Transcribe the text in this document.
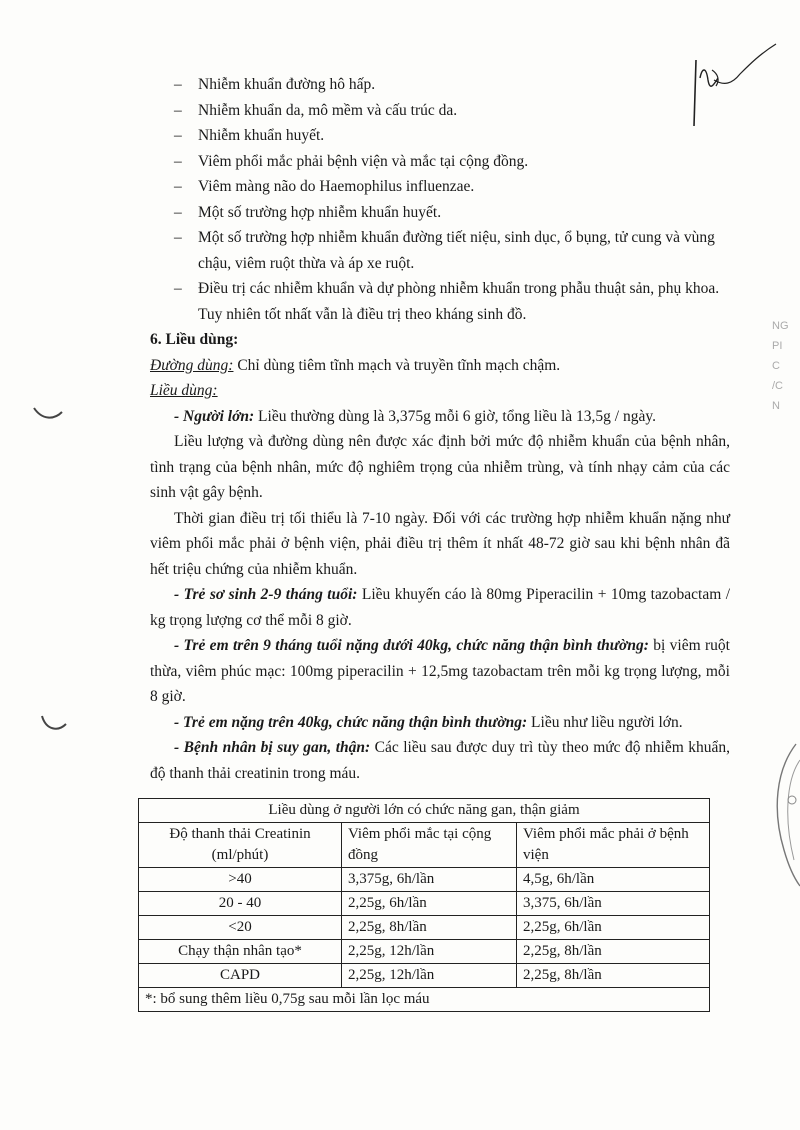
NG
PI
C
/C
N
– Nhiễm khuẩn đường hô hấp.
– Nhiễm khuẩn da, mô mềm và cấu trúc da.
– Nhiễm khuẩn huyết.
– Viêm phổi mắc phải bệnh viện và mắc tại cộng đồng.
– Viêm màng não do Haemophilus influenzae.
– Một số trường hợp nhiễm khuẩn huyết.
– Một số trường hợp nhiễm khuẩn đường tiết niệu, sinh dục, ổ bụng, tử cung và vùng chậu, viêm ruột thừa và áp xe ruột.
– Điều trị các nhiễm khuẩn và dự phòng nhiễm khuẩn trong phẫu thuật sản, phụ khoa.

Tuy nhiên tốt nhất vẫn là điều trị theo kháng sinh đồ.

6. Liều dùng:

Đường dùng: Chỉ dùng tiêm tĩnh mạch và truyền tĩnh mạch chậm.

Liều dùng:

- Người lớn: Liều thường dùng là 3,375g mỗi 6 giờ, tổng liều là 13,5g / ngày.

Liều lượng và đường dùng nên được xác định bởi mức độ nhiễm khuẩn của bệnh nhân, tình trạng của bệnh nhân, mức độ nghiêm trọng của nhiễm trùng, và tính nhạy cảm của các sinh vật gây bệnh.

Thời gian điều trị tối thiểu là 7-10 ngày. Đối với các trường hợp nhiễm khuẩn nặng như viêm phổi mắc phải ở bệnh viện, phải điều trị thêm ít nhất 48-72 giờ sau khi bệnh nhân đã hết triệu chứng của nhiễm khuẩn.

- Trẻ sơ sinh 2-9 tháng tuổi: Liều khuyến cáo là 80mg Piperacilin + 10mg tazobactam / kg trọng lượng cơ thể mỗi 8 giờ.

- Trẻ em trên 9 tháng tuổi nặng dưới 40kg, chức năng thận bình thường: bị viêm ruột thừa, viêm phúc mạc: 100mg piperacilin + 12,5mg tazobactam trên mỗi kg trọng lượng, mỗi 8 giờ.

- Trẻ em nặng trên 40kg, chức năng thận bình thường: Liều như liều người lớn.

- Bệnh nhân bị suy gan, thận: Các liều sau được duy trì tùy theo mức độ nhiễm khuẩn, độ thanh thải creatinin trong máu.

Liều dùng ở người lớn có chức năng gan, thận giảm		
Độ thanh thải Creatinin (ml/phút)	Viêm phổi mắc tại cộng đồng	Viêm phổi mắc phải ở bệnh viện
>40	3,375g, 6h/lần	4,5g, 6h/lần
20 - 40	2,25g, 6h/lần	3,375, 6h/lần
<20	2,25g, 8h/lần	2,25g, 6h/lần
Chạy thận nhân tạo*	2,25g, 12h/lần	2,25g, 8h/lần
CAPD	2,25g, 12h/lần	2,25g, 8h/lần
*: bổ sung thêm liều 0,75g sau mỗi lần lọc máu		
